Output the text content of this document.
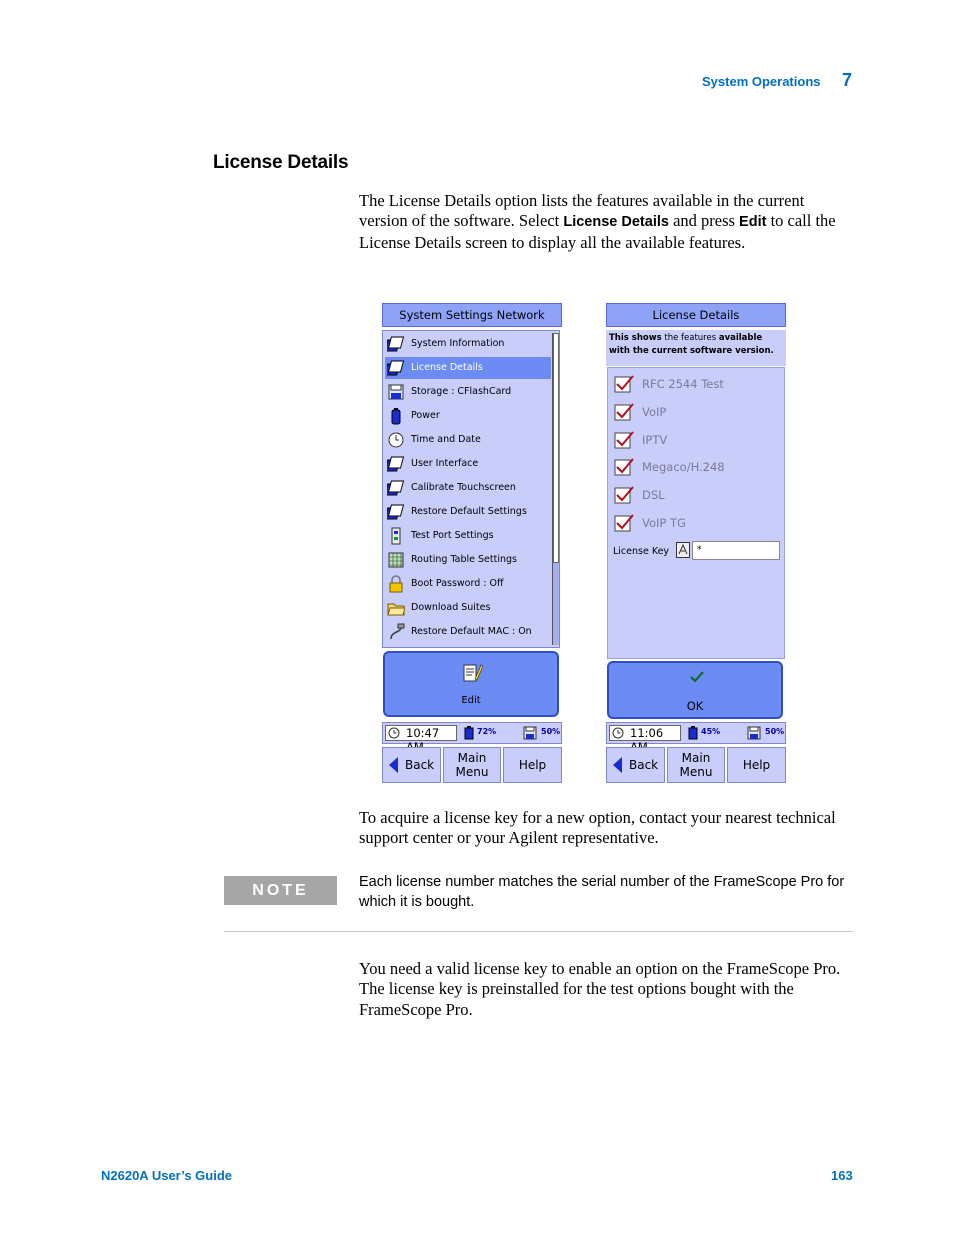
System Operations 7
License Details
The License Details option lists the features available in the current version of the software. Select License Details and press Edit to call the License Details screen to display all the available features.
System Settings Network
System Information
License Details
Storage : CFlashCard
Power
Time and Date
User Interface
Calibrate Touchscreen
Restore Default Settings
Test Port Settings
Routing Table Settings
Boot Password : Off
Download Suites
Restore Default MAC : On
Edit
10:47	72%	50%
Back	Main
Menu	Help
License Details
This shows the features available
with the current software version.
RFC 2544 Test
VoIP
IPTV
Megaco/H.248
DSL
VoIP TG
License Key	*
OK
11:06	45%	50%
Back	Main
Menu	Help
To acquire a license key for a new option, contact your nearest technical support center or your Agilent representative.
NOTE	Each license number matches the serial number of the FrameScope Pro for which it is bought.
You need a valid license key to enable an option on the FrameScope Pro. The license key is preinstalled for the test options bought with the FrameScope Pro.
N2620A User’s Guide	163
